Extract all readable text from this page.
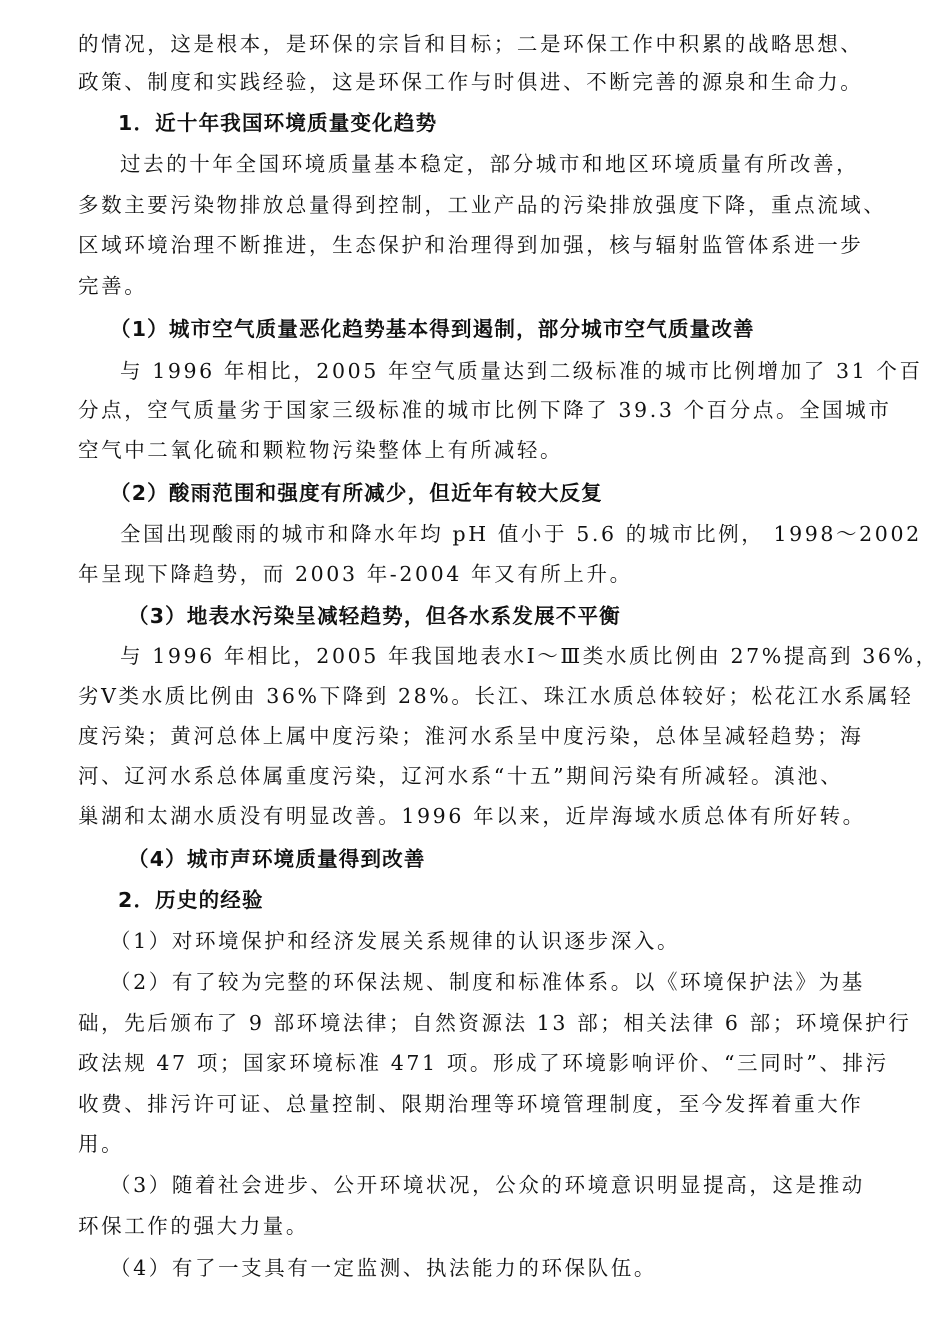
的情况，这是根本，是环保的宗旨和目标；二是环保工作中积累的战略思想、
政策、制度和实践经验，这是环保工作与时俱进、不断完善的源泉和生命力。
1．近十年我国环境质量变化趋势
过去的十年全国环境质量基本稳定，部分城市和地区环境质量有所改善，
多数主要污染物排放总量得到控制，工业产品的污染排放强度下降，重点流域、
区域环境治理不断推进，生态保护和治理得到加强，核与辐射监管体系进一步
完善。
（1）城市空气质量恶化趋势基本得到遏制，部分城市空气质量改善
与 1996 年相比，2005 年空气质量达到二级标准的城市比例增加了 31 个百
分点，空气质量劣于国家三级标准的城市比例下降了 39.3 个百分点。全国城市
空气中二氧化硫和颗粒物污染整体上有所减轻。
（2）酸雨范围和强度有所减少，但近年有较大反复
全国出现酸雨的城市和降水年均 pH 值小于 5.6 的城市比例， 1998～2002
年呈现下降趋势，而 2003 年-2004 年又有所上升。
（3）地表水污染呈减轻趋势，但各水系发展不平衡
与 1996 年相比，2005 年我国地表水Ⅰ～Ⅲ类水质比例由 27%提高到 36%，
劣Ⅴ类水质比例由 36%下降到 28%。长江、珠江水质总体较好；松花江水系属轻
度污染；黄河总体上属中度污染；淮河水系呈中度污染，总体呈减轻趋势；海
河、辽河水系总体属重度污染，辽河水系“十五”期间污染有所减轻。滇池、
巢湖和太湖水质没有明显改善。1996 年以来，近岸海域水质总体有所好转。
（4）城市声环境质量得到改善
2．历史的经验
（1）对环境保护和经济发展关系规律的认识逐步深入。
（2）有了较为完整的环保法规、制度和标准体系。以《环境保护法》为基
础，先后颁布了 9 部环境法律；自然资源法 13 部；相关法律 6 部；环境保护行
政法规 47 项；国家环境标准 471 项。形成了环境影响评价、“三同时”、排污
收费、排污许可证、总量控制、限期治理等环境管理制度，至今发挥着重大作
用。
（3）随着社会进步、公开环境状况，公众的环境意识明显提高，这是推动
环保工作的强大力量。
（4）有了一支具有一定监测、执法能力的环保队伍。
